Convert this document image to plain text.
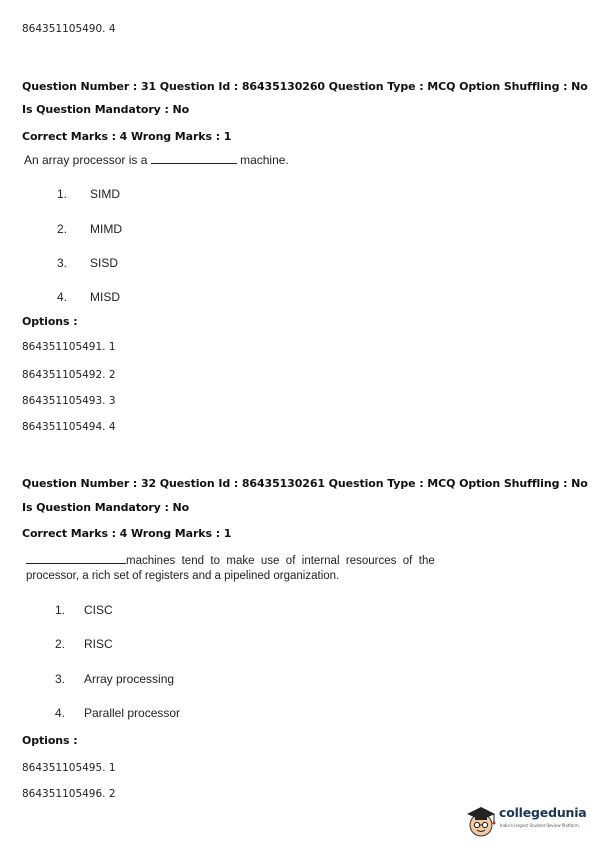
864351105490. 4
Question Number : 31 Question Id : 86435130260 Question Type : MCQ Option Shuffling : No
Is Question Mandatory : No
Correct Marks : 4 Wrong Marks : 1
An array processor is a	machine.
1. SIMD
2. MIMD
3. SISD
4. MISD
Options :
864351105491. 1
864351105492. 2
864351105493. 3
864351105494. 4
Question Number : 32 Question Id : 86435130261 Question Type : MCQ Option Shuffling : No
Is Question Mandatory : No
Correct Marks : 4 Wrong Marks : 1
machines  tend  to  make  use  of  internal  resources  of  the
processor, a rich set of registers and a pipelined organization.
1. CISC
2. RISC
3. Array processing
4. Parallel processor
Options :
864351105495. 1
864351105496. 2
collegedunia
India's largest Student Review Platform
